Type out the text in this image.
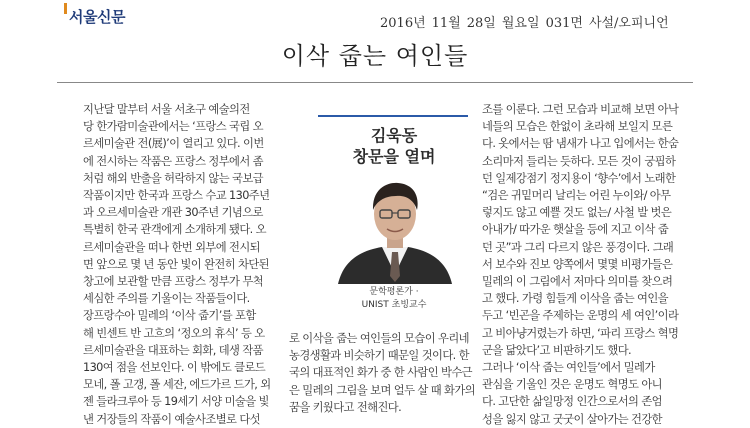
서울신문	2016년 11월 28일 월요일 031면 사설/오피니언
이삭 줍는 여인들

지난달 말부터 서울 서초구 예술의전

당 한가람미술관에서는 ‘프랑스 국립 오

르세미술관 전(展)’이 열리고 있다. 이번

에 전시하는 작품은 프랑스 정부에서 좀

처럼 해외 반출을 허락하지 않는 국보급

작품이지만 한국과 프랑스 수교 130주년

과 오르세미술관 개관 30주년 기념으로

특별히 한국 관객에게 소개하게 됐다. 오

르세미술관을 떠나 한번 외부에 전시되

면 앞으로 몇 년 동안 빛이 완전히 차단된

창고에 보관할 만큼 프랑스 정부가 무척

세심한 주의를 기울이는 작품들이다.

장프랑수아 밀레의 ‘이삭 줍기’를 포함

해 빈센트 반 고흐의 ‘정오의 휴식’ 등 오

르세미술관을 대표하는 회화, 데생 작품

130여 점을 선보인다. 이 밖에도 클로드

모네, 폴 고갱, 폴 세잔, 에드가르 드가, 외

젠 들라크루아 등 19세기 서양 미술을 빛

낸 거장들의 작품이 예술사조별로 다섯

김욱동
창문을 열며
문학평론가 ·
UNIST 초빙교수

로 이삭을 줍는 여인들의 모습이 우리네

농경생활과 비슷하기 때문일 것이다. 한

국의 대표적인 화가 중 한 사람인 박수근

은 밀레의 그림을 보며 얼두 살 때 화가의

꿈을 키웠다고 전해진다.

조를 이룬다. 그런 모습과 비교해 보면 아낙

네들의 모습은 한없이 초라해 보일지 모른

다. 옷에서는 땀 냄새가 나고 입에서는 한숨

소리마저 들리는 듯하다. 모든 것이 궁핍하

던 일제강점기 정지용이 ‘향수’에서 노래한

“검은 귀밑머리 날리는 어린 누이와/ 아무

렇지도 않고 예쁠 것도 없는/ 사철 발 벗은

아내가/ 따가운 햇살을 등에 지고 이삭 줍

던 곳”과 그리 다르지 않은 풍경이다. 그래

서 보수와 진보 양쪽에서 몇몇 비평가들은

밀레의 이 그림에서 저마다 의미를 찾으려

고 했다. 가령 힘들게 이삭을 줍는 여인을

두고 ‘빈곤을 주제하는 운명의 세 여인’이라

고 비아냥거렸는가 하면, ‘파리 프랑스 혁명

군을 닮았다’고 비판하기도 했다.

그러나 ‘이삭 줍는 여인들’에서 밀레가

관심을 기울인 것은 운명도 혁명도 아니

다. 고단한 삶일망정 인간으로서의 존엄

성을 잃지 않고 굿굿이 살아가는 건강한
